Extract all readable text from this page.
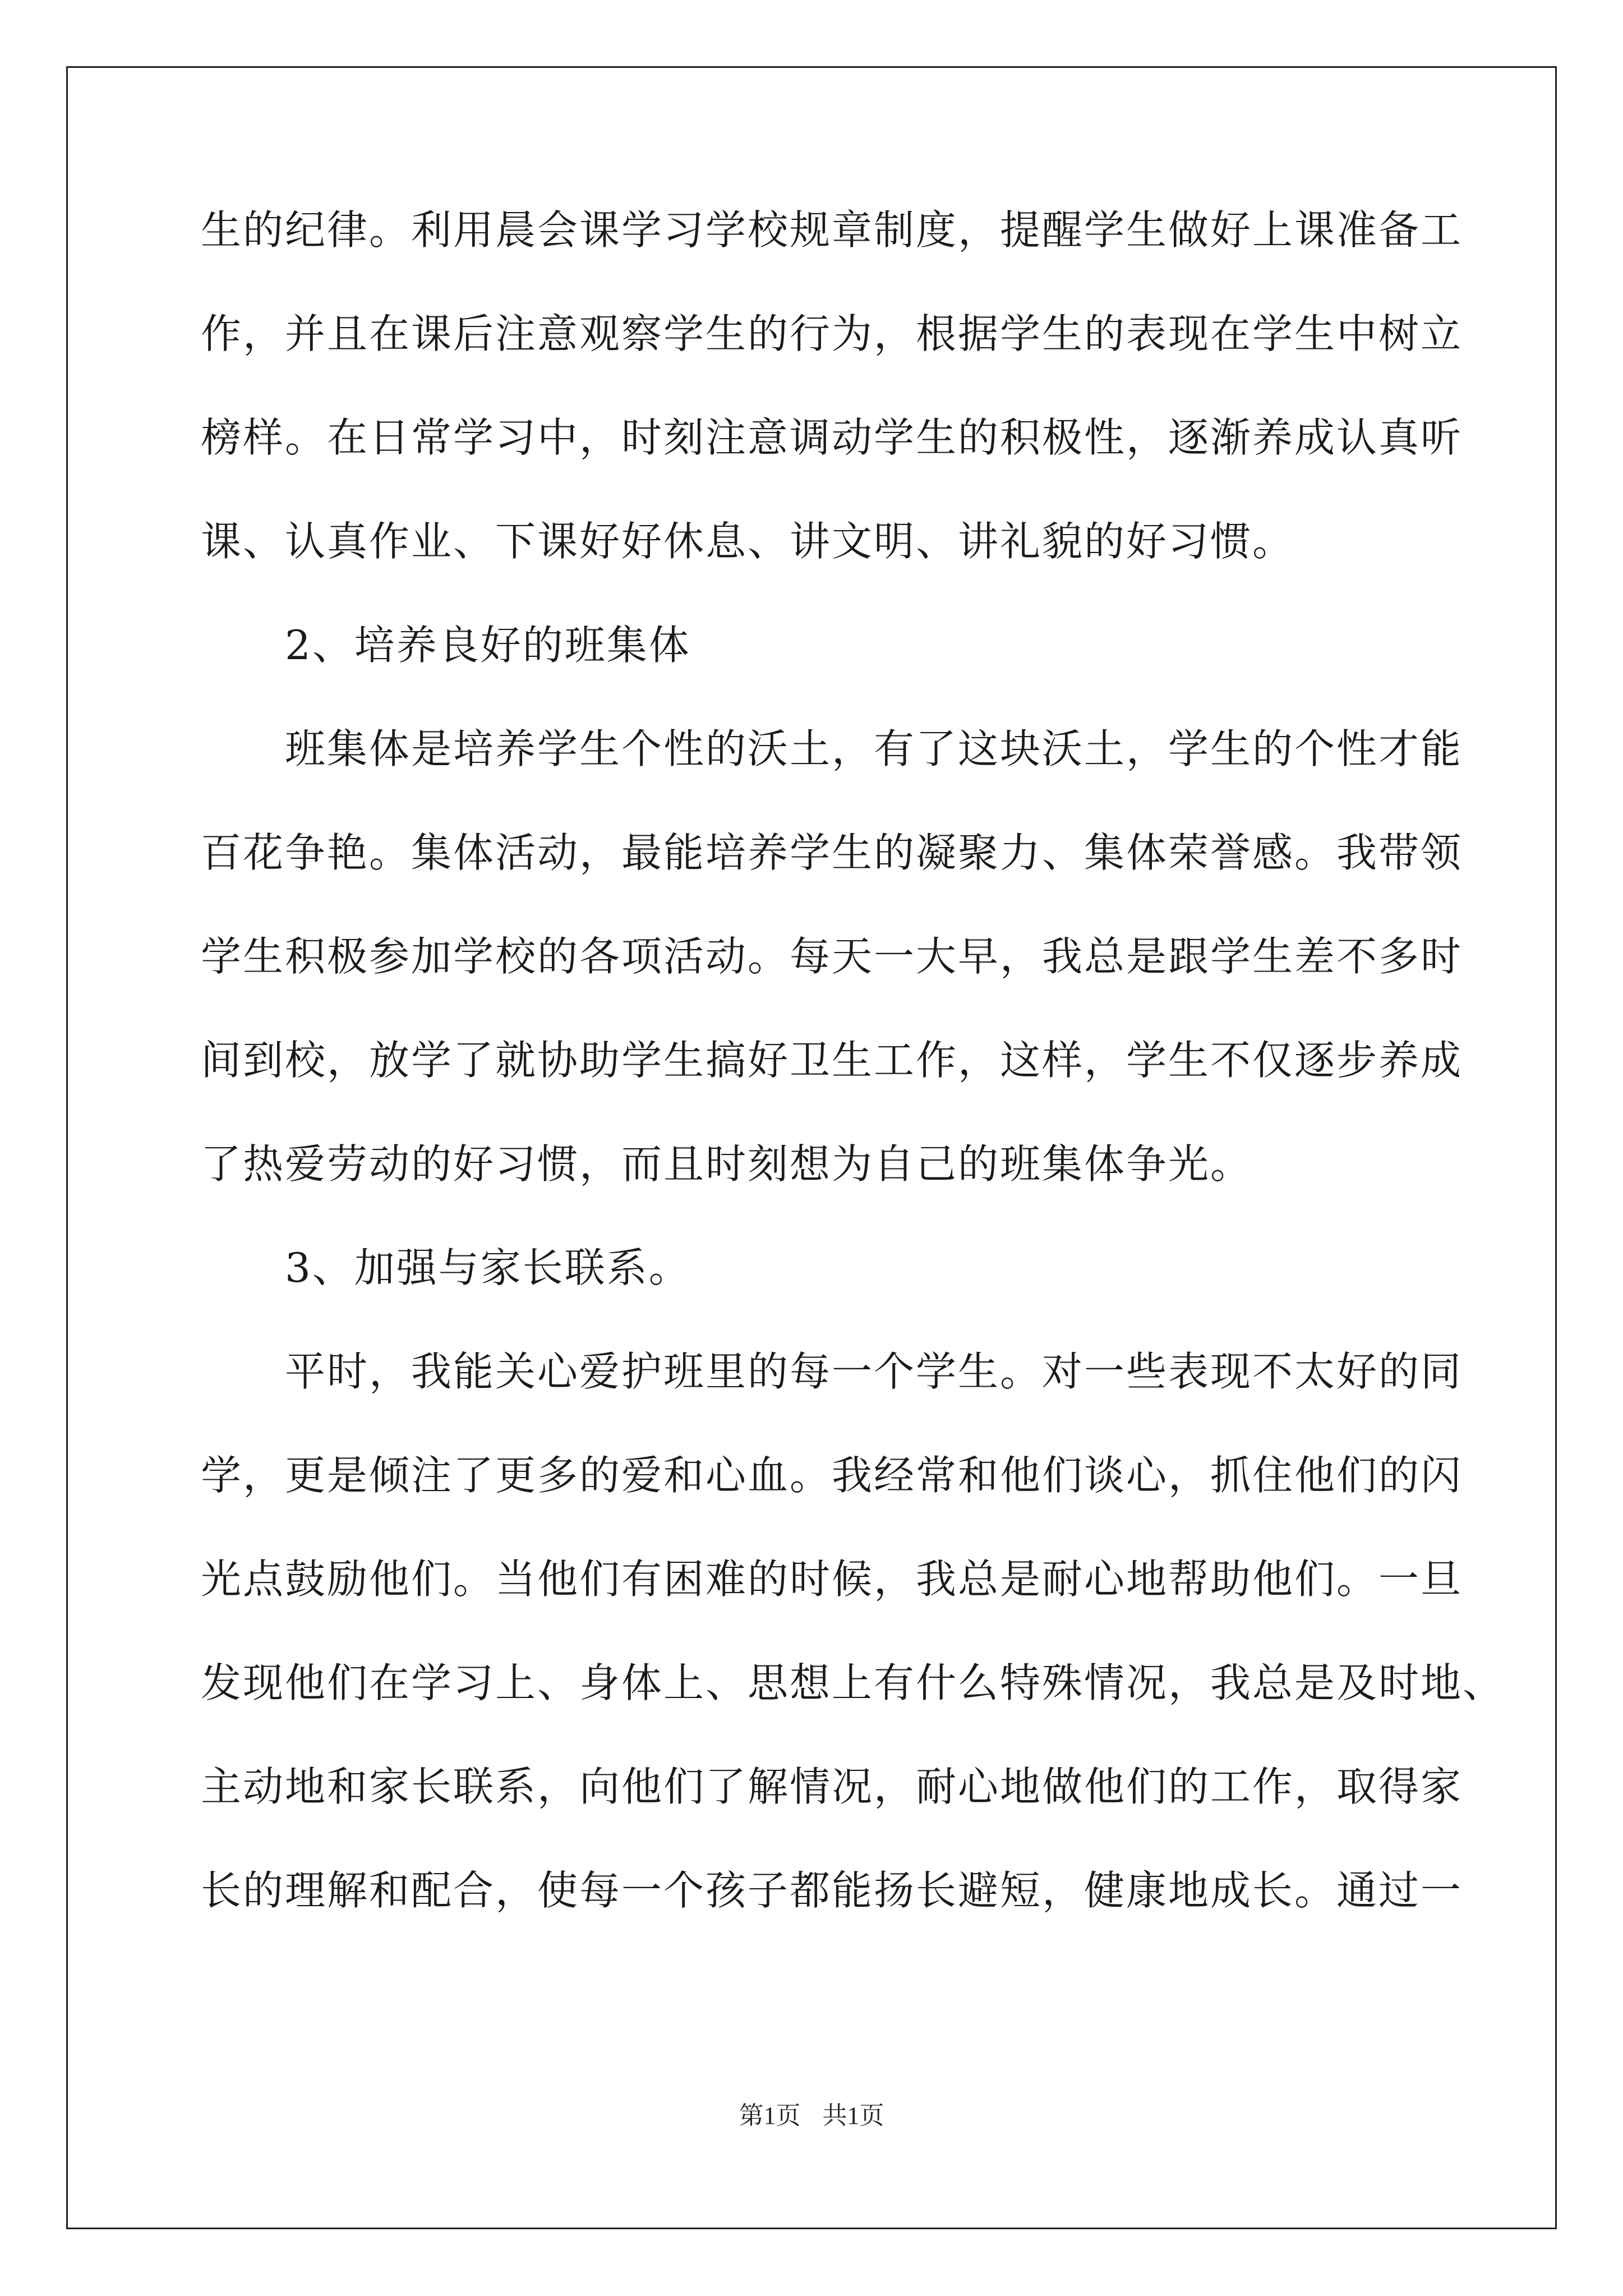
生的纪律。利用晨会课学习学校规章制度，提醒学生做好上课准备工
作，并且在课后注意观察学生的行为，根据学生的表现在学生中树立
榜样。在日常学习中，时刻注意调动学生的积极性，逐渐养成认真听
课、认真作业、下课好好休息、讲文明、讲礼貌的好习惯。
2、培养良好的班集体
班集体是培养学生个性的沃土，有了这块沃土，学生的个性才能
百花争艳。集体活动，最能培养学生的凝聚力、集体荣誉感。我带领
学生积极参加学校的各项活动。每天一大早，我总是跟学生差不多时
间到校，放学了就协助学生搞好卫生工作，这样，学生不仅逐步养成
了热爱劳动的好习惯，而且时刻想为自己的班集体争光。
3、加强与家长联系。
平时，我能关心爱护班里的每一个学生。对一些表现不太好的同
学，更是倾注了更多的爱和心血。我经常和他们谈心，抓住他们的闪
光点鼓励他们。当他们有困难的时候，我总是耐心地帮助他们。一旦
发现他们在学习上、身体上、思想上有什么特殊情况，我总是及时地、
主动地和家长联系，向他们了解情况，耐心地做他们的工作，取得家
长的理解和配合，使每一个孩子都能扬长避短，健康地成长。通过一
第1页 共1页
